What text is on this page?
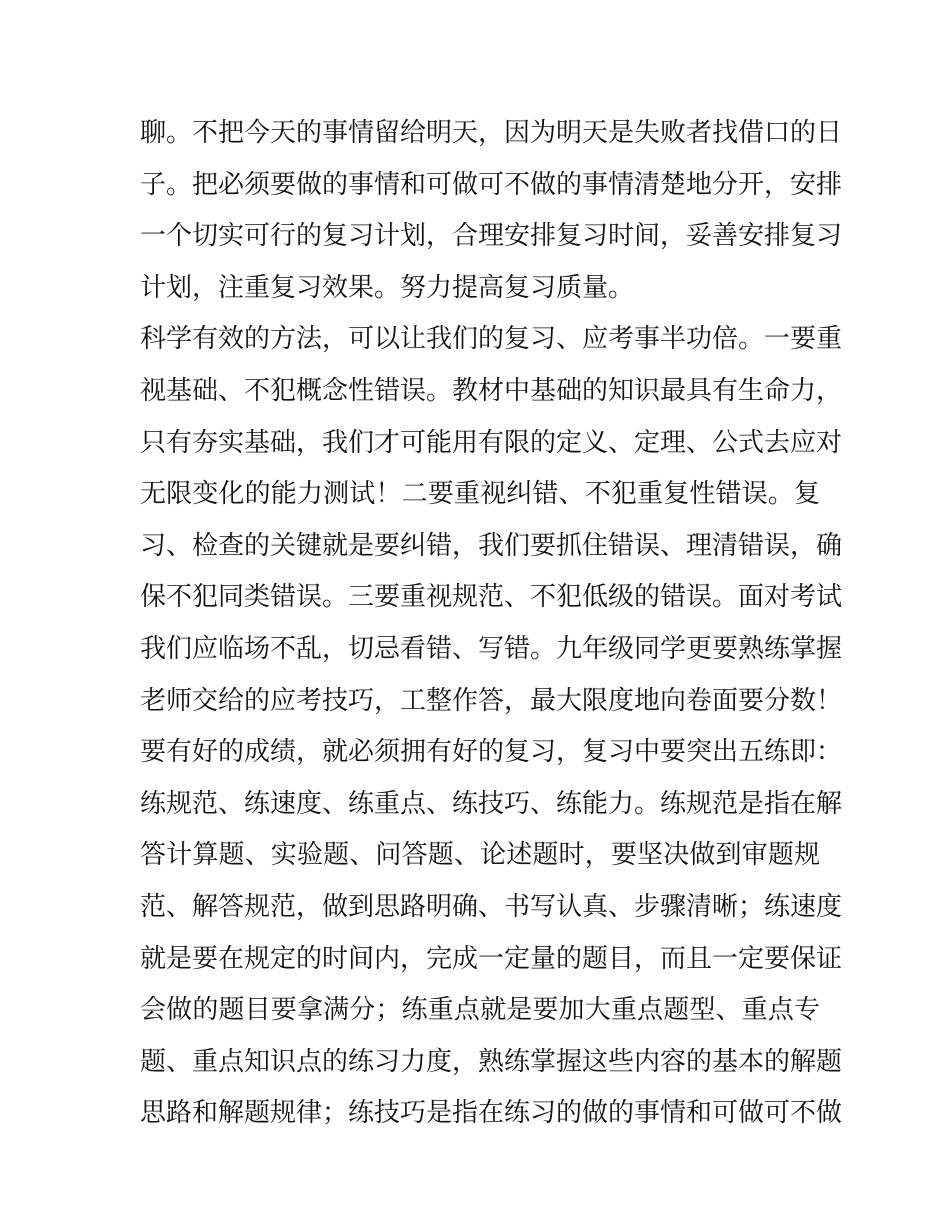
聊。不把今天的事情留给明天，因为明天是失败者找借口的日
子。把必须要做的事情和可做可不做的事情清楚地分开，安排
一个切实可行的复习计划，合理安排复习时间，妥善安排复习
计划，注重复习效果。努力提高复习质量。
科学有效的方法，可以让我们的复习、应考事半功倍。一要重
视基础、不犯概念性错误。教材中基础的知识最具有生命力，
只有夯实基础，我们才可能用有限的定义、定理、公式去应对
无限变化的能力测试！二要重视纠错、不犯重复性错误。复
习、检查的关键就是要纠错，我们要抓住错误、理清错误，确
保不犯同类错误。三要重视规范、不犯低级的错误。面对考试
我们应临场不乱，切忌看错、写错。九年级同学更要熟练掌握
老师交给的应考技巧，工整作答，最大限度地向卷面要分数！
要有好的成绩，就必须拥有好的复习，复习中要突出五练即：
练规范、练速度、练重点、练技巧、练能力。练规范是指在解
答计算题、实验题、问答题、论述题时，要坚决做到审题规
范、解答规范，做到思路明确、书写认真、步骤清晰；练速度
就是要在规定的时间内，完成一定量的题目，而且一定要保证
会做的题目要拿满分；练重点就是要加大重点题型、重点专
题、重点知识点的练习力度，熟练掌握这些内容的基本的解题
思路和解题规律；练技巧是指在练习的做的事情和可做可不做
